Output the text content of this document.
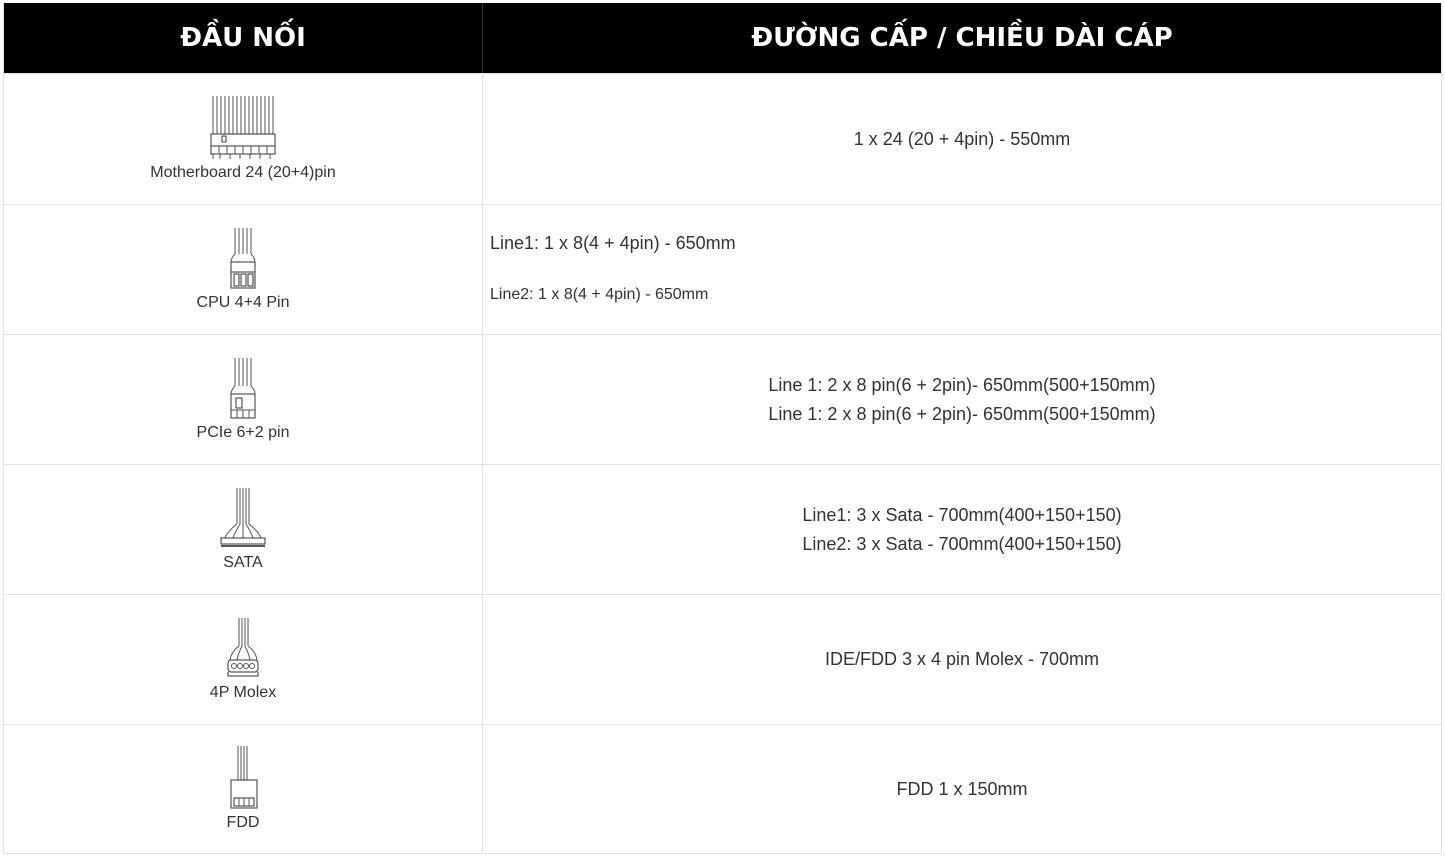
ĐẦU NỐI	ĐƯỜNG CẤP / CHIỀU DÀI CÁP
Motherboard 24 (20+4)pin
1 x 24 (20 + 4pin) - 550mm
CPU 4+4 Pin
Line1: 1 x 8(4 + 4pin) - 650mm
Line2: 1 x 8(4 + 4pin) - 650mm
PCIe 6+2 pin
Line 1: 2 x 8 pin(6 + 2pin)- 650mm(500+150mm)
Line 1: 2 x 8 pin(6 + 2pin)- 650mm(500+150mm)
SATA
Line1: 3 x Sata - 700mm(400+150+150)
Line2: 3 x Sata - 700mm(400+150+150)
4P Molex
IDE/FDD 3 x 4 pin Molex - 700mm
FDD
FDD 1 x 150mm
